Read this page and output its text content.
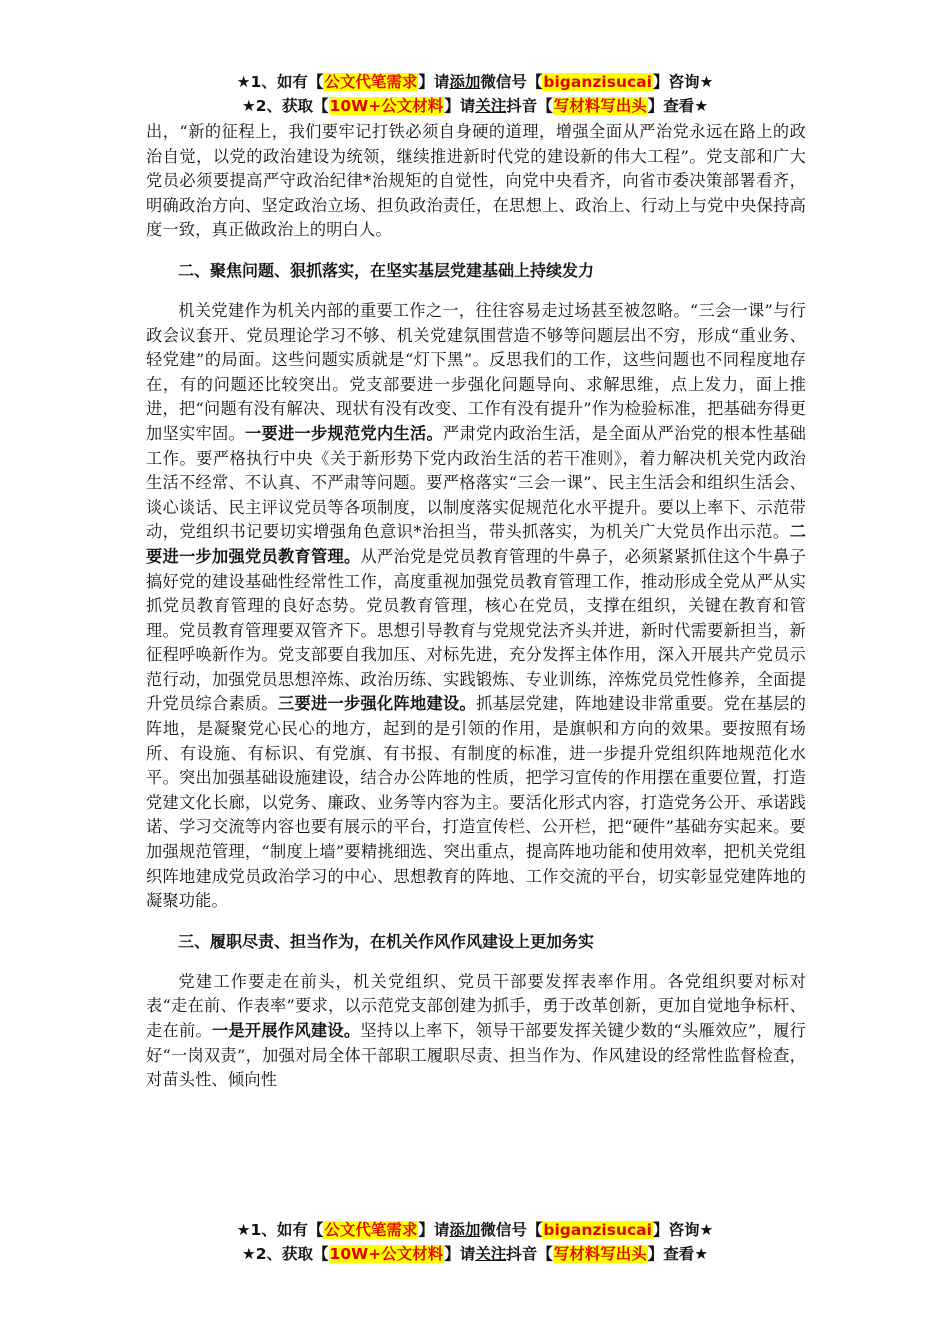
★1、如有【公文代笔需求】请添加微信号【biganzisucai】咨询★
★2、获取【10W+公文材料】请关注抖音【写材料写出头】查看★

出，“新的征程上，我们要牢记打铁必须自身硬的道理，增强全面从严治党永远在路上的政治自觉，以党的政治建设为统领，继续推进新时代党的建设新的伟大工程”。党支部和广大党员必须要提高严守政治纪律*治规矩的自觉性，向党中央看齐，向省市委决策部署看齐，明确政治方向、坚定政治立场、担负政治责任，在思想上、政治上、行动上与党中央保持高度一致，真正做政治上的明白人。

二、聚焦问题、狠抓落实，在坚实基层党建基础上持续发力

机关党建作为机关内部的重要工作之一，往往容易走过场甚至被忽略。“三会一课”与行政会议套开、党员理论学习不够、机关党建氛围营造不够等问题层出不穷，形成“重业务、轻党建”的局面。这些问题实质就是“灯下黑”。反思我们的工作，这些问题也不同程度地存在，有的问题还比较突出。党支部要进一步强化问题导向、求解思维，点上发力，面上推进，把“问题有没有解决、现状有没有改变、工作有没有提升”作为检验标准，把基础夯得更加坚实牢固。一要进一步规范党内生活。严肃党内政治生活，是全面从严治党的根本性基础工作。要严格执行中央《关于新形势下党内政治生活的若干准则》，着力解决机关党内政治生活不经常、不认真、不严肃等问题。要严格落实“三会一课”、民主生活会和组织生活会、谈心谈话、民主评议党员等各项制度，以制度落实促规范化水平提升。要以上率下、示范带动，党组织书记要切实增强角色意识*治担当，带头抓落实，为机关广大党员作出示范。二要进一步加强党员教育管理。从严治党是党员教育管理的牛鼻子，必须紧紧抓住这个牛鼻子搞好党的建设基础性经常性工作，高度重视加强党员教育管理工作，推动形成全党从严从实抓党员教育管理的良好态势。党员教育管理，核心在党员，支撑在组织，关键在教育和管理。党员教育管理要双管齐下。思想引导教育与党规党法齐头并进，新时代需要新担当，新征程呼唤新作为。党支部要自我加压、对标先进，充分发挥主体作用，深入开展共产党员示范行动，加强党员思想淬炼、政治历练、实践锻炼、专业训练，淬炼党员党性修养，全面提升党员综合素质。三要进一步强化阵地建设。抓基层党建，阵地建设非常重要。党在基层的阵地，是凝聚党心民心的地方，起到的是引领的作用，是旗帜和方向的效果。要按照有场所、有设施、有标识、有党旗、有书报、有制度的标准，进一步提升党组织阵地规范化水平。突出加强基础设施建设，结合办公阵地的性质，把学习宣传的作用摆在重要位置，打造党建文化长廊，以党务、廉政、业务等内容为主。要活化形式内容，打造党务公开、承诺践诺、学习交流等内容也要有展示的平台，打造宣传栏、公开栏，把“硬件”基础夯实起来。要加强规范管理，“制度上墙”要精挑细选、突出重点，提高阵地功能和使用效率，把机关党组织阵地建成党员政治学习的中心、思想教育的阵地、工作交流的平台，切实彰显党建阵地的凝聚功能。

三、履职尽责、担当作为，在机关作风作风建设上更加务实

党建工作要走在前头，机关党组织、党员干部要发挥表率作用。各党组织要对标对表“走在前、作表率”要求，以示范党支部创建为抓手，勇于改革创新，更加自觉地争标杆、走在前。一是开展作风建设。坚持以上率下，领导干部要发挥关键少数的“头雁效应”，履行好“一岗双责”，加强对局全体干部职工履职尽责、担当作为、作风建设的经常性监督检查，对苗头性、倾向性

★1、如有【公文代笔需求】请添加微信号【biganzisucai】咨询★
★2、获取【10W+公文材料】请关注抖音【写材料写出头】查看★
